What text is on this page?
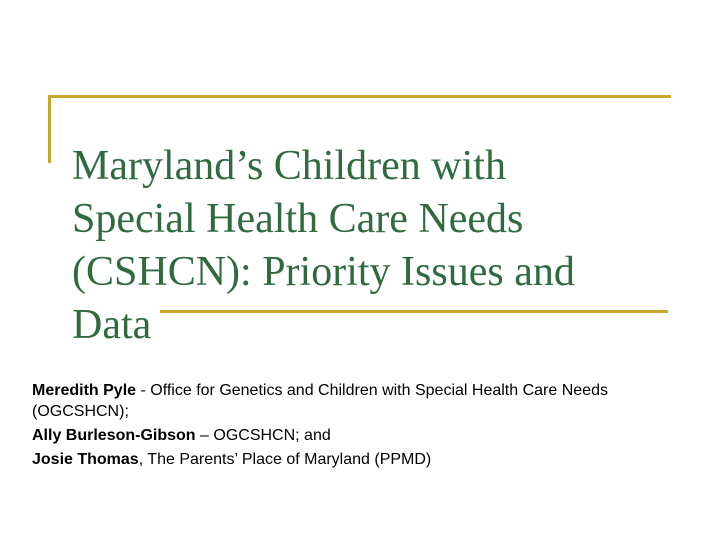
Maryland’s Children with
Special Health Care Needs
(CSHCN): Priority Issues and
Data

Meredith Pyle - Office for Genetics and Children with Special Health Care Needs (OGCSHCN);

Ally Burleson-Gibson – OGCSHCN; and

Josie Thomas, The Parents’ Place of Maryland (PPMD)
